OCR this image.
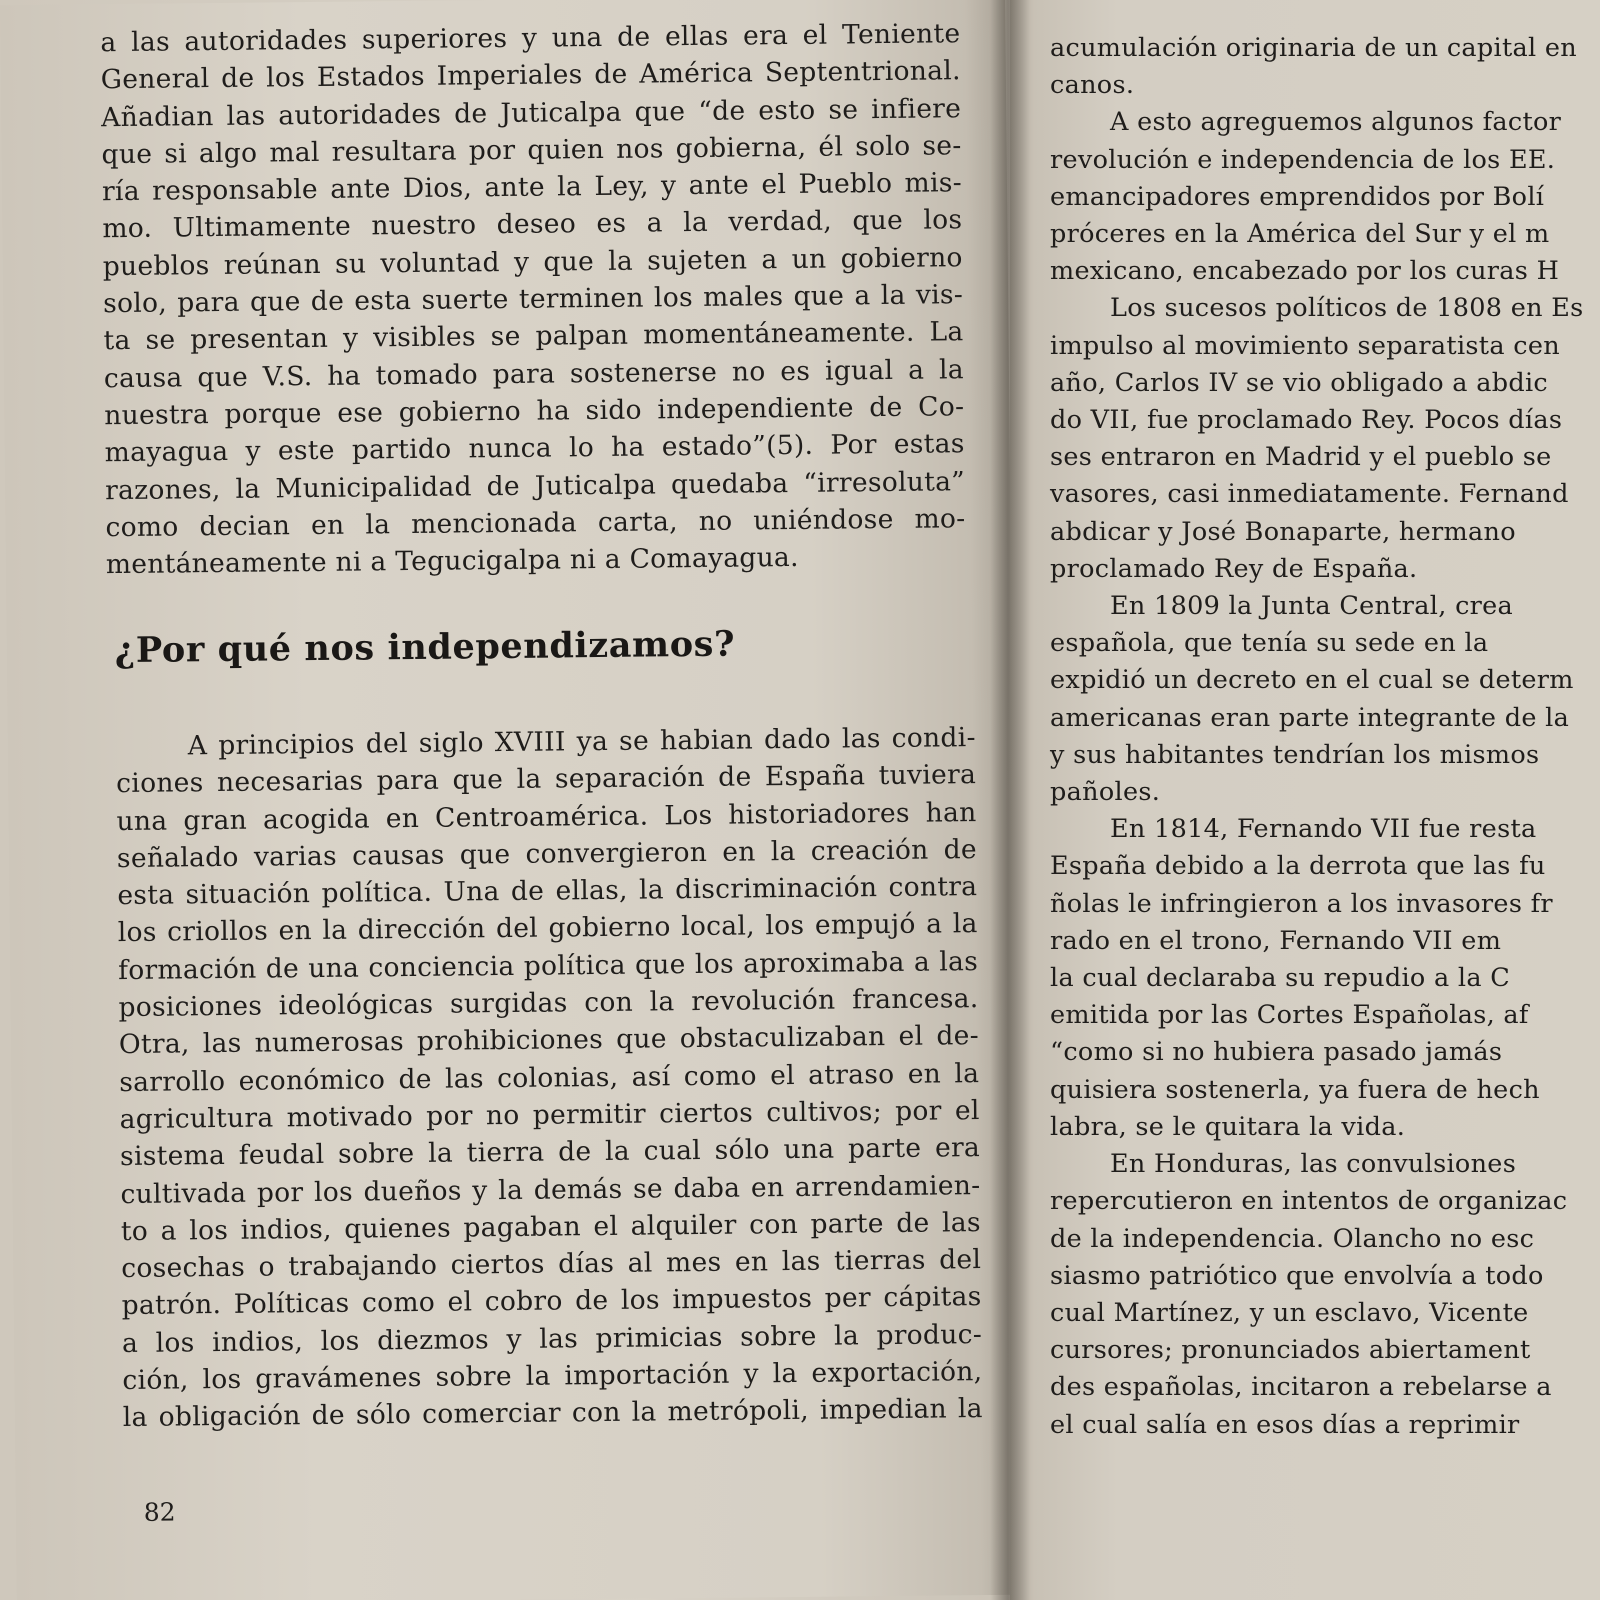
a las autoridades superiores y una de ellas era el Teniente
General de los Estados Imperiales de América Septentrional.
Añadian las autoridades de Juticalpa que “de esto se infiere
que si algo mal resultara por quien nos gobierna, él solo se-
ría responsable ante Dios, ante la Ley, y ante el Pueblo mis-
mo. Ultimamente nuestro deseo es a la verdad, que los
pueblos reúnan su voluntad y que la sujeten a un gobierno
solo, para que de esta suerte terminen los males que a la vis-
ta se presentan y visibles se palpan momentáneamente. La
causa que V.S. ha tomado para sostenerse no es igual a la
nuestra porque ese gobierno ha sido independiente de Co-
mayagua y este partido nunca lo ha estado”(5). Por estas
razones, la Municipalidad de Juticalpa quedaba “irresoluta”
como decian en la mencionada carta, no uniéndose mo-
mentáneamente ni a Tegucigalpa ni a Comayagua.
¿Por qué nos independizamos?
A principios del siglo XVIII ya se habian dado las condi-
ciones necesarias para que la separación de España tuviera
una gran acogida en Centroamérica. Los historiadores han
señalado varias causas que convergieron en la creación de
esta situación política. Una de ellas, la discriminación contra
los criollos en la dirección del gobierno local, los empujó a la
formación de una conciencia política que los aproximaba a las
posiciones ideológicas surgidas con la revolución francesa.
Otra, las numerosas prohibiciones que obstaculizaban el de-
sarrollo económico de las colonias, así como el atraso en la
agricultura motivado por no permitir ciertos cultivos; por el
sistema feudal sobre la tierra de la cual sólo una parte era
cultivada por los dueños y la demás se daba en arrendamien-
to a los indios, quienes pagaban el alquiler con parte de las
cosechas o trabajando ciertos días al mes en las tierras del
patrón. Políticas como el cobro de los impuestos per cápitas
a los indios, los diezmos y las primicias sobre la produc-
ción, los gravámenes sobre la importación y la exportación,
la obligación de sólo comerciar con la metrópoli, impedian la
82
acumulación originaria de un capital en
canos.
A esto agreguemos algunos factor
revolución e independencia de los EE.
emancipadores emprendidos por Bolí
próceres en la América del Sur y el m
mexicano, encabezado por los curas H
Los sucesos políticos de 1808 en Es
impulso al movimiento separatista cen
año, Carlos IV se vio obligado a abdic
do VII, fue proclamado Rey. Pocos días
ses entraron en Madrid y el pueblo se
vasores, casi inmediatamente. Fernand
abdicar y José Bonaparte, hermano
proclamado Rey de España.
En 1809 la Junta Central, crea
española, que tenía su sede en la
expidió un decreto en el cual se determ
americanas eran parte integrante de la
y sus habitantes tendrían los mismos
pañoles.
En 1814, Fernando VII fue resta
España debido a la derrota que las fu
ñolas le infringieron a los invasores fr
rado en el trono, Fernando VII em
la cual declaraba su repudio a la C
emitida por las Cortes Españolas, af
“como si no hubiera pasado jamás
quisiera sostenerla, ya fuera de hech
labra, se le quitara la vida.
En Honduras, las convulsiones
repercutieron en intentos de organizac
de la independencia. Olancho no esc
siasmo patriótico que envolvía a todo
cual Martínez, y un esclavo, Vicente
cursores; pronunciados abiertament
des españolas, incitaron a rebelarse a
el cual salía en esos días a reprimir
